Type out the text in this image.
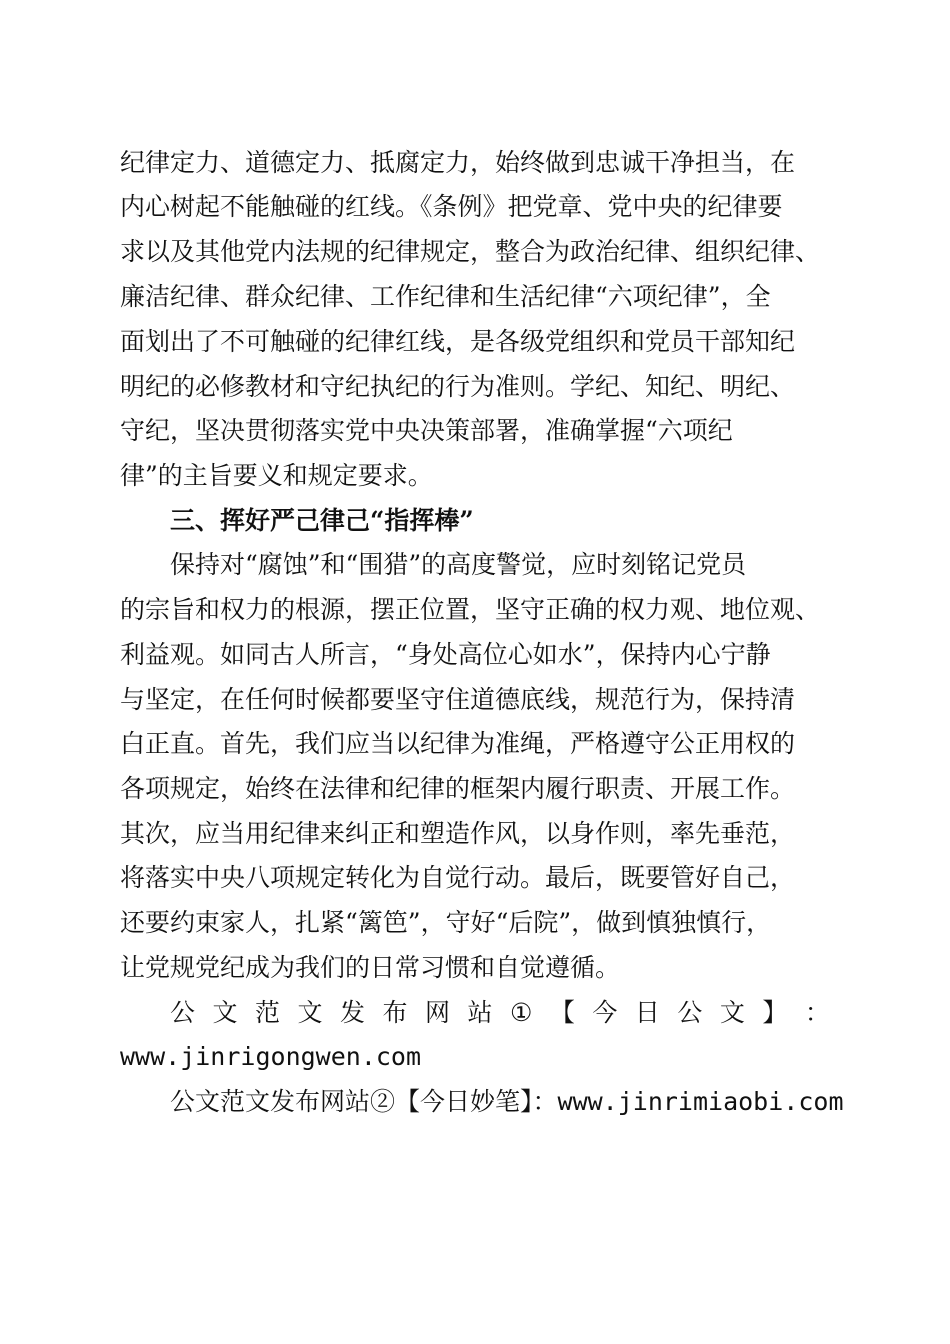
纪律定力、道德定力、抵腐定力，始终做到忠诚干净担当，在
内心树起不能触碰的红线。《条例》把党章、党中央的纪律要
求以及其他党内法规的纪律规定，整合为政治纪律、组织纪律、
廉洁纪律、群众纪律、工作纪律和生活纪律“六项纪律”，全
面划出了不可触碰的纪律红线，是各级党组织和党员干部知纪
明纪的必修教材和守纪执纪的行为准则。学纪、知纪、明纪、
守纪，坚决贯彻落实党中央决策部署，准确掌握“六项纪
律”的主旨要义和规定要求。
三、挥好严己律己“指挥棒”
保持对“腐蚀”和“围猎”的高度警觉，应时刻铭记党员
的宗旨和权力的根源，摆正位置，坚守正确的权力观、地位观、
利益观。如同古人所言，“身处高位心如水”，保持内心宁静
与坚定，在任何时候都要坚守住道德底线，规范行为，保持清
白正直。首先，我们应当以纪律为准绳，严格遵守公正用权的
各项规定，始终在法律和纪律的框架内履行职责、开展工作。
其次，应当用纪律来纠正和塑造作风，以身作则，率先垂范，
将落实中央八项规定转化为自觉行动。最后，既要管好自己，
还要约束家人，扎紧“篱笆”，守好“后院”，做到慎独慎行，
让党规党纪成为我们的日常习惯和自觉遵循。
公 文 范 文 发 布 网 站 ① 【 今 日 公 文 】 ：
www.jinrigongwen.com
公文范文发布网站②【今日妙笔】：www.jinrimiaobi.com
